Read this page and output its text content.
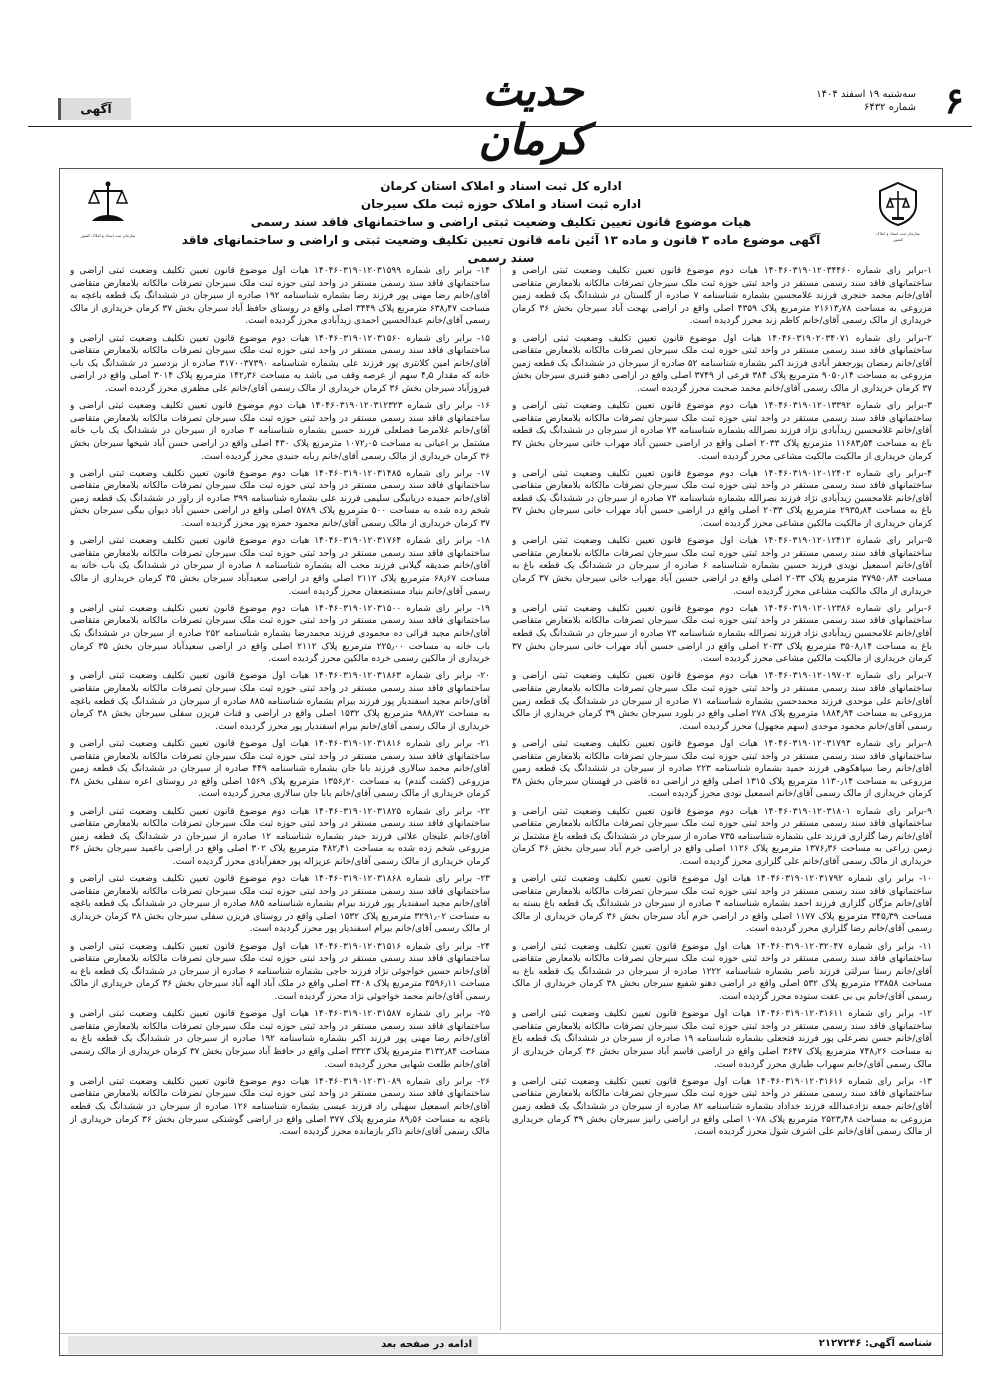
۶
سه‌شنبه ۱۹ اسفند ۱۴۰۴
شماره ۶۴۳۲
حدیث کرمان
آگهی
سازمان ثبت اسناد و املاک کشور
اداره کل ثبت اسناد و املاک استان کرمان
اداره ثبت اسناد و املاک حوزه ثبت ملک سیرجان
هیات موضوع قانون تعیین تکلیف وضعیت ثبتی اراضی و ساختمانهای فاقد سند رسمی
آگهی موضوع ماده ۳ قانون و ماده ۱۳ آئین نامه قانون تعیین تکلیف وضعیت ثبتی و اراضی و ساختمانهای فاقد سند رسمی
سازمان ثبت اسناد و املاک کشور

۱-برابر رای شماره ۱۴۰۴۶۰۳۱۹۰۱۲۰۳۴۴۶۰ هیات دوم موضوع قانون تعیین تکلیف وضعیت ثبتی اراضی و ساختمانهای فاقد سند رسمی مستقر در واحد ثبتی حوزه ثبت ملک سیرجان تصرفات مالکانه بلامعارض متقاضی آقای/خانم محمد خنجری فرزند غلامحسین بشماره شناسنامه ۷ صادره از گلستان در ششدانگ یک قطعه زمین مزروعی به مساحت ۲۱۶۱۳٫۷۸ مترمربع پلاک ۴۳۵۹ اصلی واقع در اراضی بهجت آباد سیرجان بخش ۳۶ کرمان خریداری از مالک رسمی آقای/خانم کاظم زند محرز گردیده است.

۲-برابر رای شماره ۱۴۰۴۶۰۳۱۹۰۲۰۳۴۰۷۱ هیات اول موضوع قانون تعیین تکلیف وضعیت ثبتی اراضی و ساختمانهای فاقد سند رسمی مستقر در واحد ثبتی حوزه ثبت ملک سیرجان تصرفات مالکانه بلامعارض متقاضی آقای/خانم رمضان پورجعفر آبادی فرزند اکبر بشماره شناسنامه ۵۲ صادره از سیرجان در ششدانگ یک قطعه زمین مزروعی به مساحت ۹۰۵۰٫۱۴ مترمربع پلاک ۳۸۴ فرعی از ۳۷۴۹ اصلی واقع در اراضی دهنو قنبری سیرجان بخش ۳۷ کرمان خریداری از مالک رسمی آقای/خانم محمد صحبت محرز گردیده است.

۳-برابر رای شماره ۱۴۰۴۶۰۳۱۹۰۱۲۰۱۳۳۹۲ هیات دوم موضوع قانون تعیین تکلیف وضعیت ثبتی اراضی و ساختمانهای فاقد سند رسمی مستقر در واحد ثبتی حوزه ثبت ملک سیرجان تصرفات مالکانه بلامعارض متقاضی آقای/خانم غلامحسین زیدآبادی نژاد فرزند نصرالله بشماره شناسنامه ۷۳ صادره از سیرجان در ششدانگ یک قطعه باغ به مساحت ۱۱۶۸۳٫۵۴ مترمربع پلاک ۲۰۳۳ اصلی واقع در اراضی حسین آباد مهراب خانی سیرجان بخش ۳۷ کرمان خریداری از مالکیت مالکیت مشاعی محرز گردیده است.

۴-برابر رای شماره ۱۴۰۴۶۰۳۱۹۰۱۲۰۱۲۴۰۲ هیات دوم موضوع قانون تعیین تکلیف وضعیت ثبتی اراضی و ساختمانهای فاقد سند رسمی مستقر در واحد ثبتی حوزه ثبت ملک سیرجان تصرفات مالکانه بلامعارض متقاضی آقای/خانم غلامحسین زیدآبادی نژاد فرزند نصرالله بشماره شناسنامه ۷۳ صادره از سیرجان در ششدانگ یک قطعه باغ به مساحت ۲۹۳۵٫۸۴ مترمربع پلاک ۲۰۳۳ اصلی واقع در اراضی حسین آباد مهراب خانی سیرجان بخش ۳۷ کرمان خریداری از مالکیت مالکین مشاعی محرز گردیده است.

۵-برابر رای شماره ۱۴۰۴۶۰۳۱۹۰۱۲۰۱۲۴۱۲ هیات اول موضوع قانون تعیین تکلیف وضعیت ثبتی اراضی و ساختمانهای فاقد سند رسمی مستقر در واحد ثبتی حوزه ثبت ملک سیرجان تصرفات مالکانه بلامعارض متقاضی آقای/خانم اسمعیل نویدی فرزند حسین بشماره شناسنامه ۶ صادره از سیرجان در ششدانگ یک قطعه باغ به مساحت ۳۷۹۵۰٫۸۴ مترمربع پلاک ۲۰۳۳ اصلی واقع در اراضی حسین آباد مهراب خانی سیرجان بخش ۳۷ کرمان خریداری از مالک مالکیت مشاعی محرز گردیده است.

۶-برابر رای شماره ۱۴۰۴۶۰۳۱۹۰۱۲۰۱۲۳۸۶ هیات دوم موضوع قانون تعیین تکلیف وضعیت ثبتی اراضی و ساختمانهای فاقد سند رسمی مستقر در واحد ثبتی حوزه ثبت ملک سیرجان تصرفات مالکانه بلامعارض متقاضی آقای/خانم غلامحسین زیدآبادی نژاد فرزند نصرالله بشماره شناسنامه ۷۳ صادره از سیرجان در ششدانگ یک قطعه باغ به مساحت ۳۵۰۸٫۱۴ مترمربع پلاک ۲۰۳۳ اصلی واقع در اراضی حسین آباد مهراب خانی سیرجان بخش ۳۷ کرمان خریداری از مالکیت مالکین مشاعی محرز گردیده است.

۷-برابر رای شماره ۱۴۰۴۶۰۳۱۹۰۱۲۰۱۹۷۰۲ هیات دوم موضوع قانون تعیین تکلیف وضعیت ثبتی اراضی و ساختمانهای فاقد سند رسمی مستقر در واحد ثبتی حوزه ثبت ملک سیرجان تصرفات مالکانه بلامعارض متقاضی آقای/خانم علی موحدی فرزند محمدحسن بشماره شناسنامه ۷۱ صادره از سیرجان در ششدانگ یک قطعه زمین مزروعی به مساحت ۱۸۸۴٫۹۴ مترمربع پلاک ۲۷۸ اصلی واقع در بلورد سیرجان بخش ۳۹ کرمان خریداری از مالک رسمی آقای/خانم محمود موحدی (سهم مجهول) محرز گردیده است.

۸-برابر رای شماره ۱۴۰۴۶۰۳۱۹۰۱۲۰۳۱۷۹۳ هیات اول موضوع قانون تعیین تکلیف وضعیت ثبتی اراضی و ساختمانهای فاقد سند رسمی مستقر در واحد ثبتی حوزه ثبت ملک سیرجان تصرفات مالکانه بلامعارض متقاضی آقای/خانم رضا سپاهکوهی فرزند حمید بشماره شناسنامه ۲۲۳ صادره از سیرجان در ششدانگ یک قطعه زمین مزروعی به مساحت ۱۱۳۰٫۱۴ مترمربع پلاک ۱۳۱۵ اصلی واقع در اراضی ده قاضی در قهستان سیرجان بخش ۳۸ کرمان خریداری از مالک رسمی آقای/خانم اسمعیل نودی محرز گردیده است.

۹-برابر رای شماره ۱۴۰۴۶۰۳۱۹۰۱۲۰۳۱۸۰۱ هیات دوم موضوع قانون تعیین تکلیف وضعیت ثبتی اراضی و ساختمانهای فاقد سند رسمی مستقر در واحد ثبتی حوزه ثبت ملک سیرجان تصرفات مالکانه بلامعارض متقاضی آقای/خانم رضا گلزاری فرزند علی بشماره شناسنامه ۷۳۵ صادره از سیرجان در ششدانگ یک قطعه باغ مشتمل بر زمین زراعی به مساحت ۱۳۷۶٫۳۶ مترمربع پلاک ۱۱۲۶ اصلی واقع در اراضی خرم آباد سیرجان بخش ۳۶ کرمان خریداری از مالک رسمی آقای/خانم علی گلزاری محرز گردیده است.

۱۰- برابر رای شماره ۱۴۰۴۶۰۳۱۹۰۱۲۰۳۱۷۹۲ هیات اول موضوع قانون تعیین تکلیف وضعیت ثبتی اراضی و ساختمانهای فاقد سند رسمی مستقر در واحد ثبتی حوزه ثبت ملک سیرجان تصرفات مالکانه بلامعارض متقاضی آقای/خانم مژگان گلزاری فرزند احمد بشماره شناسنامه ۳ صادره از سیرجان در ششدانگ یک قطعه باغ بسته به مساحت ۳۴۵٫۳۹ مترمربع پلاک ۱۱۷۷ اصلی واقع در اراضی خرم آباد سیرجان بخش ۳۶ کرمان خریداری از مالک رسمی آقای/خانم رضا گلزاری محرز گردیده است.

۱۱- برابر رای شماره ۱۴۰۴۶۰۳۱۹۰۱۲۰۳۲۰۴۷ هیات اول موضوع قانون تعیین تکلیف وضعیت ثبتی اراضی و ساختمانهای فاقد سند رسمی مستقر در واحد ثبتی حوزه ثبت ملک سیرجان تصرفات مالکانه بلامعارض متقاضی آقای/خانم رستا سرلتی فرزند ناصر بشماره شناسنامه ۱۲۲۲ صادره از سیرجان در ششدانگ یک قطعه باغ به مساحت ۲۳۸۵۸ مترمربع پلاک ۵۳۲ اصلی واقع در اراضی دهنو شفیع سیرجان بخش ۳۸ کرمان خریداری از مالک رسمی آقای/خانم بی بی عفت ستوده محرز گردیده است.

۱۲- برابر رای شماره ۱۴۰۴۶۰۳۱۹۰۱۲۰۳۱۶۱۱ هیات اول موضوع قانون تعیین تکلیف وضعیت ثبتی اراضی و ساختمانهای فاقد سند رسمی مستقر در واحد ثبتی حوزه ثبت ملک سیرجان تصرفات مالکانه بلامعارض متقاضی آقای/خانم حسن نصرعلی پور فرزند فتحعلی بشماره شناسنامه ۱۹ صادره از سیرجان در ششدانگ یک قطعه باغ به مساحت ۷۴۸٫۲۶ مترمربع پلاک ۳۶۴۷ اصلی واقع در اراضی قاسم آباد سیرجان بخش ۳۶ کرمان خریداری از مالک رسمی آقای/خانم سهراب طیاری محرز گردیده است.

۱۳- برابر رای شماره ۱۴۰۴۶۰۳۱۹۰۱۲۰۳۱۶۱۶ هیات اول موضوع قانون تعیین تکلیف وضعیت ثبتی اراضی و ساختمانهای فاقد سند رسمی مستقر در واحد ثبتی حوزه ثبت ملک سیرجان تصرفات مالکانه بلامعارض متقاضی آقای/خانم جمعه نژادعبدالله فرزند خداداد بشماره شناسنامه ۸۲ صادره از سیرجان در ششدانگ یک قطعه زمین مزروعی به مساحت ۲۵۲۳٫۴۸ مترمربع پلاک ۱۰۷۸ اصلی واقع در اراضی رانیز سیرجان بخش ۳۹ کرمان خریداری از مالک رسمی آقای/خانم علی اشرف شول محرز گردیده است.

۱۴- برابر رای شماره ۱۴۰۴۶۰۳۱۹۰۱۲۰۳۱۵۹۹ هیات اول موضوع قانون تعیین تکلیف وضعیت ثبتی اراضی و ساختمانهای فاقد سند رسمی مستقر در واحد ثبتی حوزه ثبت ملک سیرجان تصرفات مالکانه بلامعارض متقاضی آقای/خانم رضا مهنی پور فرزند رضا بشماره شناسنامه ۱۹۲ صادره از سیرجان در ششدانگ یک قطعه باغچه به مساحت ۶۳۸٫۴۷ مترمربع پلاک ۳۴۴۹ اصلی واقع در روستای حافظ آباد سیرجان بخش ۳۷ کرمان خریداری از مالک رسمی آقای/خانم عبدالحسین احمدی زیدآبادی محرز گردیده است.

۱۵- برابر رای شماره ۱۴۰۴۶۰۳۱۹۰۱۲۰۳۱۵۶۰ هیات دوم موضوع قانون تعیین تکلیف وضعیت ثبتی اراضی و ساختمانهای فاقد سند رسمی مستقر در واحد ثبتی حوزه ثبت ملک سیرجان تصرفات مالکانه بلامعارض متقاضی آقای/خانم امین کلانتری پور فرزند علی بشماره شناسنامه ۳۱۷۰۰۳۷۳۹۰ صادره از بردسیر در ششدانگ یک باب خانه که مقدار ۴٫۵ سهم از عرصه وقف می باشد به مساحت ۱۴۲٫۳۶ مترمربع پلاک ۳۰۱۴ اصلی واقع در اراضی فیروزآباد سیرجان بخش ۳۶ کرمان خریداری از مالک رسمی آقای/خانم علی مظفری محرز گردیده است.

۱۶- برابر رای شماره ۱۴۰۴۶۰۳۱۹۰۱۲۰۳۱۲۳۲۳ هیات دوم موضوع قانون تعیین تکلیف وضعیت ثبتی اراضی و ساختمانهای فاقد سند رسمی مستقر در واحد ثبتی حوزه ثبت ملک سیرجان تصرفات مالکانه بلامعارض متقاضی آقای/خانم غلامرضا فضلعلی فرزند حسین بشماره شناسنامه ۳ صادره از سیرجان در ششدانگ یک باب خانه مشتمل بر اعیانی به مساحت ۱۰۷۲٫۰۵ مترمربع پلاک ۴۳۰ اصلی واقع در اراضی حسن آباد شیخها سیرجان بخش ۳۶ کرمان خریداری از مالک رسمی آقای/خانم ربابه جنیدی محرز گردیده است.

۱۷- برابر رای شماره ۱۴۰۴۶۰۳۱۹۰۱۲۰۳۱۴۸۵ هیات دوم موضوع قانون تعیین تکلیف وضعیت ثبتی اراضی و ساختمانهای فاقد سند رسمی مستقر در واحد ثبتی حوزه ثبت ملک سیرجان تصرفات مالکانه بلامعارض متقاضی آقای/خانم حمیده دریابیگی سلیمی فرزند علی بشماره شناسنامه ۳۹۹ صادره از راور در ششدانگ یک قطعه زمین شخم زده شده به مساحت ۵۰۰ مترمربع پلاک ۵۷۸۹ اصلی واقع در اراضی حسین آباد دیوان بیگی سیرجان بخش ۳۷ کرمان خریداری از مالک رسمی آقای/خانم محمود حمزه پور محرز گردیده است.

۱۸- برابر رای شماره ۱۴۰۴۶۰۳۱۹۰۱۲۰۳۱۷۶۴ هیات دوم موضوع قانون تعیین تکلیف وضعیت ثبتی اراضی و ساختمانهای فاقد سند رسمی مستقر در واحد ثبتی حوزه ثبت ملک سیرجان تصرفات مالکانه بلامعارض متقاضی آقای/خانم صدیقه گیلانی فرزند محب اله بشماره شناسنامه ۸ صادره از سیرجان در ششدانگ یک باب خانه به مساحت ۶۸٫۶۷ مترمربع پلاک ۲۱۱۲ اصلی واقع در اراضی سعیدآباد سیرجان بخش ۳۵ کرمان خریداری از مالک رسمی آقای/خانم بنیاد مستضعفان محرز گردیده است.

۱۹- برابر رای شماره ۱۴۰۴۶۰۳۱۹۰۱۲۰۳۱۵۰۰ هیات دوم موضوع قانون تعیین تکلیف وضعیت ثبتی اراضی و ساختمانهای فاقد سند رسمی مستقر در واحد ثبتی حوزه ثبت ملک سیرجان تصرفات مالکانه بلامعارض متقاضی آقای/خانم مجید قرائی ده محمودی فرزند محمدرضا بشماره شناسنامه ۲۵۲ صادره از سیرجان در ششدانگ یک باب خانه به مساحت ۲۲۵٫۰۰ مترمربع پلاک ۲۱۱۲ اصلی واقع در اراضی سعیدآباد سیرجان بخش ۳۵ کرمان خریداری از مالکین رسمی خرده مالکین محرز گردیده است.

۲۰- برابر رای شماره ۱۴۰۴۶۰۳۱۹۰۱۲۰۳۱۸۶۳ هیات اول موضوع قانون تعیین تکلیف وضعیت ثبتی اراضی و ساختمانهای فاقد سند رسمی مستقر در واحد ثبتی حوزه ثبت ملک سیرجان تصرفات مالکانه بلامعارض متقاضی آقای/خانم مجید اسفندیار پور فرزند بیرام بشماره شناسنامه ۸۸۵ صادره از سیرجان در ششدانگ یک قطعه باغچه به مساحت ۹۸۸٫۷۲ مترمربع پلاک ۱۵۳۲ اصلی واقع در اراضی و قنات فریزن سفلی سیرجان بخش ۳۸ کرمان خریداری از مالک رسمی آقای/خانم بیرام اسفندیار پور محرز گردیده است.

۲۱- برابر رای شماره ۱۴۰۴۶۰۳۱۹۰۱۲۰۳۱۸۱۶ هیات اول موضوع قانون تعیین تکلیف وضعیت ثبتی اراضی و ساختمانهای فاقد سند رسمی مستقر در واحد ثبتی حوزه ثبت ملک سیرجان تصرفات مالکانه بلامعارض متقاضی آقای/خانم محمد سالاری فرزند بابا جان بشماره شناسنامه ۴۴۹ صادره از سیرجان در ششدانگ یک قطعه زمین مزروعی (کشت گندم) به مساحت ۱۳۵۶٫۲۰ مترمربع پلاک ۱۵۶۹ اصلی واقع در روستای اعره سفلی بخش ۳۸ کرمان خریداری از مالک رسمی آقای/خانم بابا جان سالاری محرز گردیده است.

۲۲- برابر رای شماره ۱۴۰۴۶۰۳۱۹۰۱۲۰۳۱۸۲۵ هیات دوم موضوع قانون تعیین تکلیف وضعیت ثبتی اراضی و ساختمانهای فاقد سند رسمی مستقر در واحد ثبتی حوزه ثبت ملک سیرجان تصرفات مالکانه بلامعارض متقاضی آقای/خانم علیجان علائی فرزند حیدر بشماره شناسنامه ۱۲ صادره از سیرجان در ششدانگ یک قطعه زمین مزروعی شخم زده شده به مساحت ۴۸۲٫۴۱ مترمربع پلاک ۳۰۲ اصلی واقع در اراضی باغمید سیرجان بخش ۳۶ کرمان خریداری از مالک رسمی آقای/خانم عزیزاله پور جعفرآبادی محرز گردیده است.

۲۳- برابر رای شماره ۱۴۰۴۶۰۳۱۹۰۱۲۰۳۱۸۶۸ هیات دوم موضوع قانون تعیین تکلیف وضعیت ثبتی اراضی و ساختمانهای فاقد سند رسمی مستقر در واحد ثبتی حوزه ثبت ملک سیرجان تصرفات مالکانه بلامعارض متقاضی آقای/خانم مجید اسفندیار پور فرزند بیرام بشماره شناسنامه ۸۸۵ صادره از سیرجان در ششدانگ یک قطعه باغچه به مساحت ۳۲۹۱٫۰۲ مترمربع پلاک ۱۵۳۲ اصلی واقع در روستای فریزن سفلی سیرجان بخش ۳۸ کرمان خریداری از مالک رسمی آقای/خانم بیرام اسفندیار پور محرز گردیده است.

۲۴- برابر رای شماره ۱۴۰۴۶۰۳۱۹۰۱۲۰۳۱۵۱۶ هیات اول موضوع قانون تعیین تکلیف وضعیت ثبتی اراضی و ساختمانهای فاقد سند رسمی مستقر در واحد ثبتی حوزه ثبت ملک سیرجان تصرفات مالکانه بلامعارض متقاضی آقای/خانم حسین خواجوئی نژاد فرزند حاجی بشماره شناسنامه ۶ صادره از سیرجان در ششدانگ یک قطعه باغ به مساحت ۳۵۹۶٫۱۱ مترمربع پلاک ۳۴۰۸ اصلی واقع در ملک آباد الهه آباد سیرجان بخش ۳۶ کرمان خریداری از مالک رسمی آقای/خانم محمد خواجوئی نژاد محرز گردیده است.

۲۵- برابر رای شماره ۱۴۰۴۶۰۳۱۹۰۱۲۰۳۱۵۸۷ هیات اول موضوع قانون تعیین تکلیف وضعیت ثبتی اراضی و ساختمانهای فاقد سند رسمی مستقر در واحد ثبتی حوزه ثبت ملک سیرجان تصرفات مالکانه بلامعارض متقاضی آقای/خانم رضا مهنی پور فرزند اکبر بشماره شناسنامه ۱۹۲ صادره از سیرجان در ششدانگ یک قطعه باغ به مساحت ۳۱۳۲٫۸۴ مترمربع پلاک ۳۳۲۳ اصلی واقع در حافظ آباد سیرجان بخش ۳۷ کرمان خریداری از مالک رسمی آقای/خانم طلعت شهابی محرز گردیده است.

۲۶- برابر رای شماره ۱۴۰۴۶۰۳۱۹۰۱۲۰۳۱۰۸۹ هیات دوم موضوع قانون تعیین تکلیف وضعیت ثبتی اراضی و ساختمانهای فاقد سند رسمی مستقر در واحد ثبتی حوزه ثبت ملک سیرجان تصرفات مالکانه بلامعارض متقاضی آقای/خانم اسمعیل سهیلی راد فرزند عیسی بشماره شناسنامه ۱۲۶ صادره از سیرجان در ششدانگ یک قطعه باغچه به مساحت ۸۹٫۵۶ مترمربع پلاک ۳۷۷ اصلی واقع در اراضی گوشتکی سیرجان بخش ۳۶ کرمان خریداری از مالک رسمی آقای/خانم ذاکر بازمانده محرز گردیده است.

شناسه آگهی: ۲۱۲۷۲۴۶
ادامه در صفحه بعد
